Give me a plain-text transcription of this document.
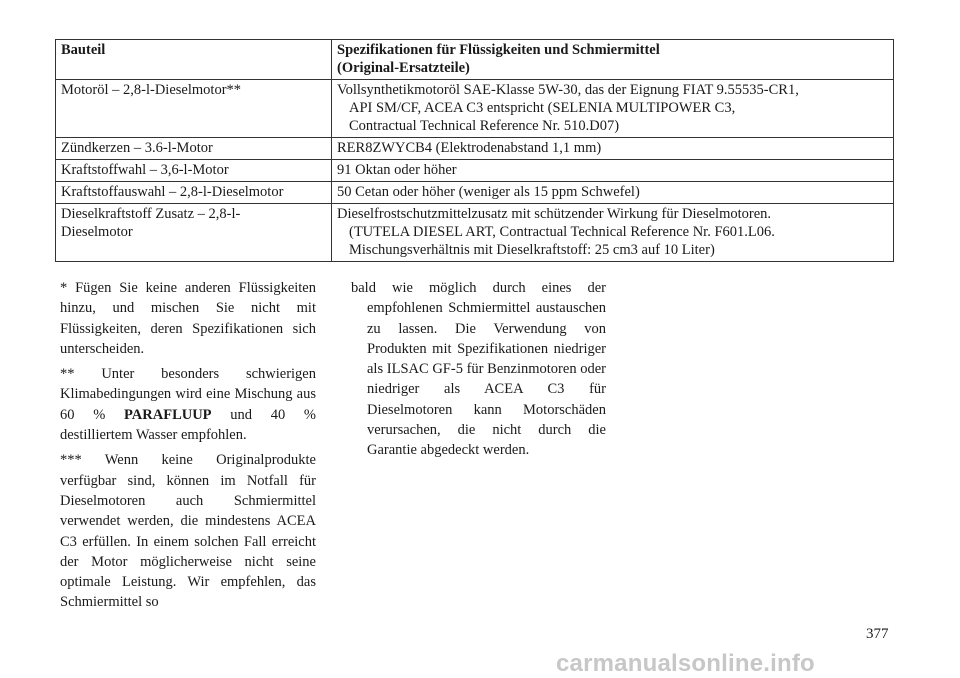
Bauteil	Spezifikationen für Flüssigkeiten und Schmiermittel
(Original-Ersatzteile)

Motoröl – 2,8-l-Dieselmotor**	Vollsynthetikmotoröl SAE-Klasse 5W-30, das der Eignung FIAT 9.55535-CR1,
API SM/CF, ACEA C3 entspricht (SELENIA MULTIPOWER C3,
Contractual Technical Reference Nr. 510.D07)

Zündkerzen – 3.6-l-Motor	RER8ZWYCB4 (Elektrodenabstand 1,1 mm)
Kraftstoffwahl – 3,6-l-Motor	91 Oktan oder höher
Kraftstoffauswahl – 2,8-l-Dieselmotor	50 Cetan oder höher (weniger als 15 ppm Schwefel)

Dieselkraftstoff Zusatz – 2,8-l-
Dieselmotor	Dieselfrostschutzmittelzusatz mit schützender Wirkung für Dieselmotoren.
(TUTELA DIESEL ART, Contractual Technical Reference Nr. F601.L06.
Mischungsverhältnis mit Dieselkraftstoff: 25 cm3 auf 10 Liter)

* Fügen Sie keine anderen Flüssigkeiten hinzu, und mischen Sie nicht mit Flüssigkeiten, deren Spezifikationen sich unterscheiden.

** Unter besonders schwierigen Klimabedingungen wird eine Mischung aus 60 % PARAFLUUP und 40 % destilliertem Wasser empfohlen.

*** Wenn keine Originalprodukte verfügbar sind, können im Notfall für Dieselmotoren auch Schmiermittel verwendet werden, die mindestens ACEA C3 erfüllen. In einem solchen Fall erreicht der Motor möglicherweise nicht seine optimale Leistung. Wir empfehlen, das Schmiermittel so

bald wie möglich durch eines der
empfohlenen Schmiermittel austauschen zu lassen. Die Verwendung von Produkten mit Spezifikationen niedriger als ILSAC GF-5 für Benzinmotoren oder niedriger als ACEA C3 für Dieselmotoren kann Motorschäden verursachen, die nicht durch die Garantie abgedeckt werden.
377
carmanualsonline.info
